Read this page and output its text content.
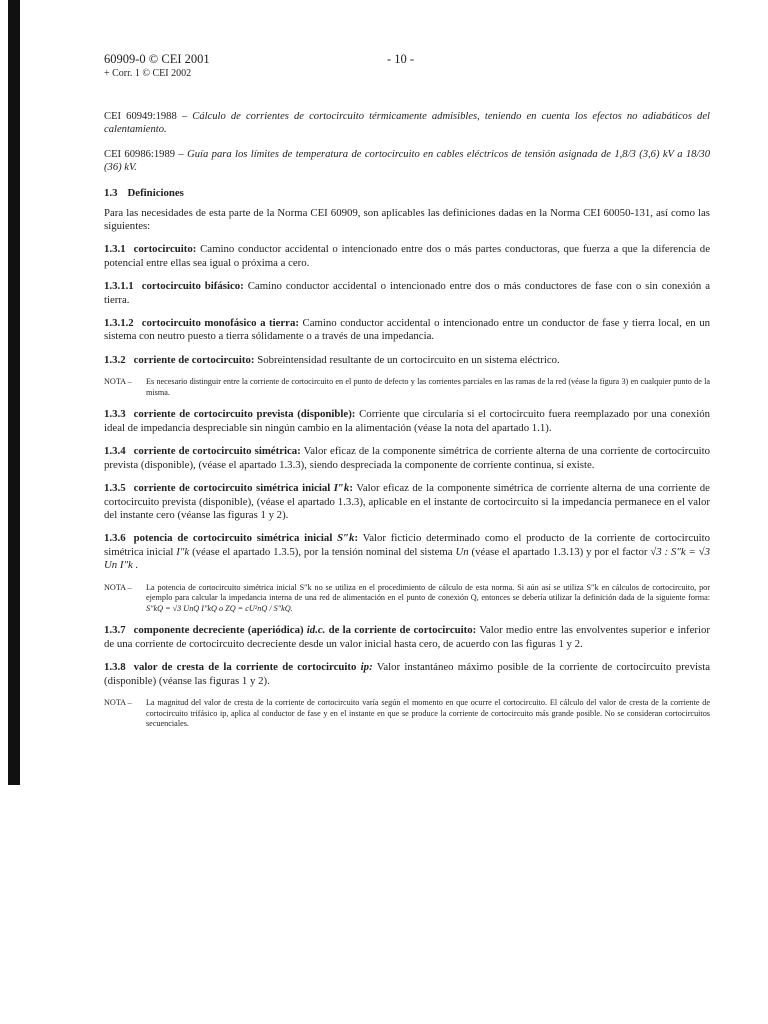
60909-0 © CEI 2001
+ Corr. 1 © CEI 2002
- 10 -

CEI 60949:1988 – Cálculo de corrientes de cortocircuito térmicamente admisibles, teniendo en cuenta los efectos no adiabáticos del calentamiento.

CEI 60986:1989 – Guía para los límites de temperatura de cortocircuito en cables eléctricos de tensión asignada de 1,8/3 (3,6) kV a 18/30 (36) kV.

1.3 Definiciones

Para las necesidades de esta parte de la Norma CEI 60909, son aplicables las definiciones dadas en la Norma CEI 60050-131, así como las siguientes:

1.3.1 cortocircuito: Camino conductor accidental o intencionado entre dos o más partes conductoras, que fuerza a que la diferencia de potencial entre ellas sea igual o próxima a cero.

1.3.1.1 cortocircuito bifásico: Camino conductor accidental o intencionado entre dos o más conductores de fase con o sin conexión a tierra.

1.3.1.2 cortocircuito monofásico a tierra: Camino conductor accidental o intencionado entre un conductor de fase y tierra local, en un sistema con neutro puesto a tierra sólidamente o a través de una impedancia.

1.3.2 corriente de cortocircuito: Sobreintensidad resultante de un cortocircuito en un sistema eléctrico.

NOTA –	Es necesario distinguir entre la corriente de cortocircuito en el punto de defecto y las corrientes parciales en las ramas de la red (véase la figura 3) en cualquier punto de la misma.

1.3.3 corriente de cortocircuito prevista (disponible): Corriente que circularía si el cortocircuito fuera reemplazado por una conexión ideal de impedancia despreciable sin ningún cambio en la alimentación (véase la nota del apartado 1.1).

1.3.4 corriente de cortocircuito simétrica: Valor eficaz de la componente simétrica de corriente alterna de una corriente de cortocircuito prevista (disponible), (véase el apartado 1.3.3), siendo despreciada la componente de corriente continua, si existe.

1.3.5 corriente de cortocircuito simétrica inicial I″k: Valor eficaz de la componente simétrica de corriente alterna de una corriente de cortocircuito prevista (disponible), (véase el apartado 1.3.3), aplicable en el instante de cortocircuito si la impedancia permanece en el valor del instante cero (véanse las figuras 1 y 2).

1.3.6 potencia de cortocircuito simétrica inicial S″k: Valor ficticio determinado como el producto de la corriente de cortocircuito simétrica inicial I″k (véase el apartado 1.3.5), por la tensión nominal del sistema Un (véase el apartado 1.3.13) y por el factor √3 : S″k = √3 Un I″k .

NOTA –	La potencia de cortocircuito simétrica inicial S″k no se utiliza en el procedimiento de cálculo de esta norma. Si aún así se utiliza S″k en cálculos de cortocircuito, por ejemplo para calcular la impedancia interna de una red de alimentación en el punto de conexión Q, entonces se debería utilizar la definición dada de la siguiente forma: S″kQ = √3 UnQ I″kQ o ZQ = cU²nQ / S″kQ.

1.3.7 componente decreciente (aperiódica) id.c. de la corriente de cortocircuito: Valor medio entre las envolventes superior e inferior de una corriente de cortocircuito decreciente desde un valor inicial hasta cero, de acuerdo con las figuras 1 y 2.

1.3.8 valor de cresta de la corriente de cortocircuito ip: Valor instantáneo máximo posible de la corriente de cortocircuito prevista (disponible) (véanse las figuras 1 y 2).

NOTA –	La magnitud del valor de cresta de la corriente de cortocircuito varía según el momento en que ocurre el cortocircuito. El cálculo del valor de cresta de la corriente de cortocircuito trifásico ip, aplica al conductor de fase y en el instante en que se produce la corriente de cortocircuito más grande posible. No se consideran cortocircuitos secuenciales.
